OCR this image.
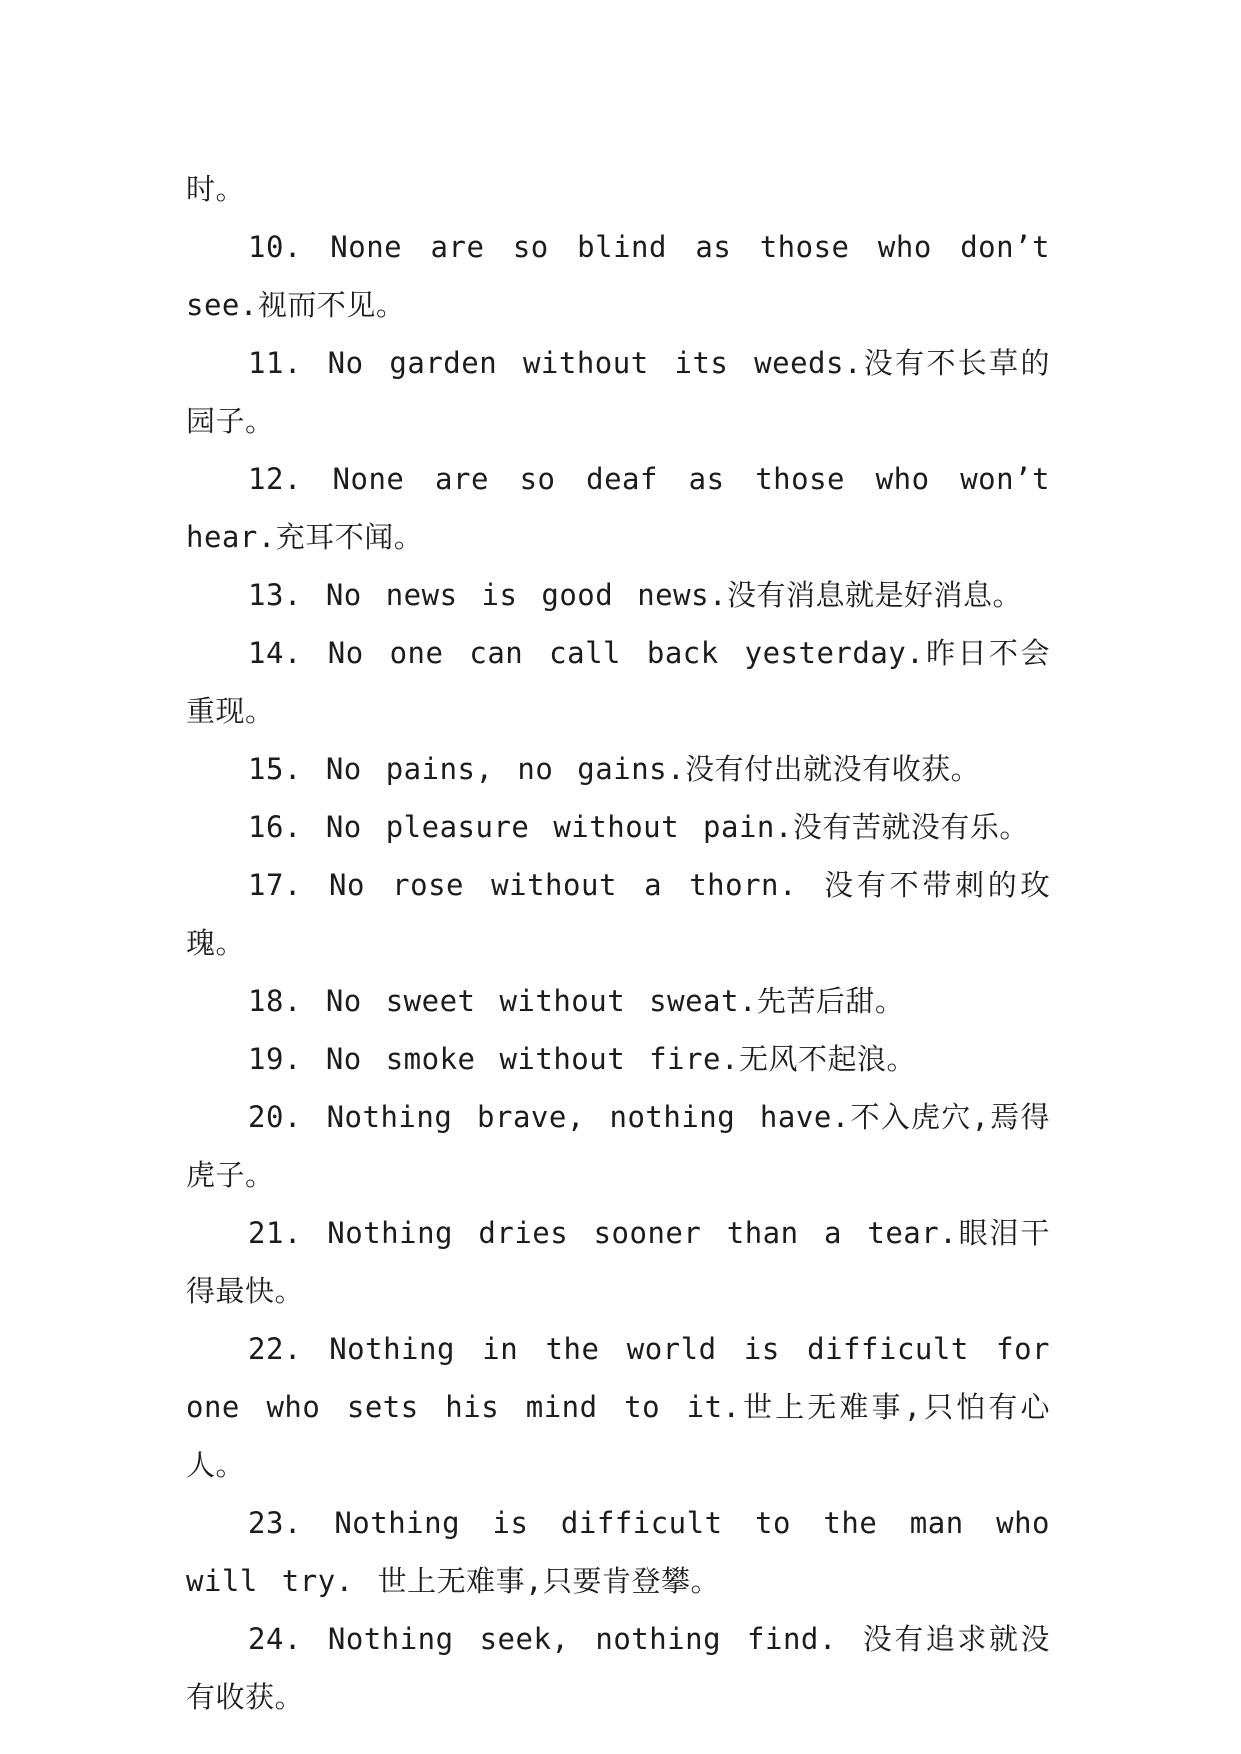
时。

10. None are so blind as those who don’t see.视而不见。

11. No garden without its weeds.没有不长草的园子。

12. None are so deaf as those who won’t hear.充耳不闻。

13. No news is good news.没有消息就是好消息。

14. No one can call back yesterday.昨日不会重现。

15. No pains, no gains.没有付出就没有收获。

16. No pleasure without pain.没有苦就没有乐。

17. No rose without a thorn. 没有不带刺的玫瑰。

18. No sweet without sweat.先苦后甜。

19. No smoke without fire.无风不起浪。

20. Nothing brave, nothing have.不入虎穴,焉得虎子。

21. Nothing dries sooner than a tear.眼泪干得最快。

22. Nothing in the world is difficult for one who sets his mind to it.世上无难事,只怕有心人。

23. Nothing is difficult to the man who will try. 世上无难事,只要肯登攀。

24. Nothing seek, nothing find. 没有追求就没有收获。
